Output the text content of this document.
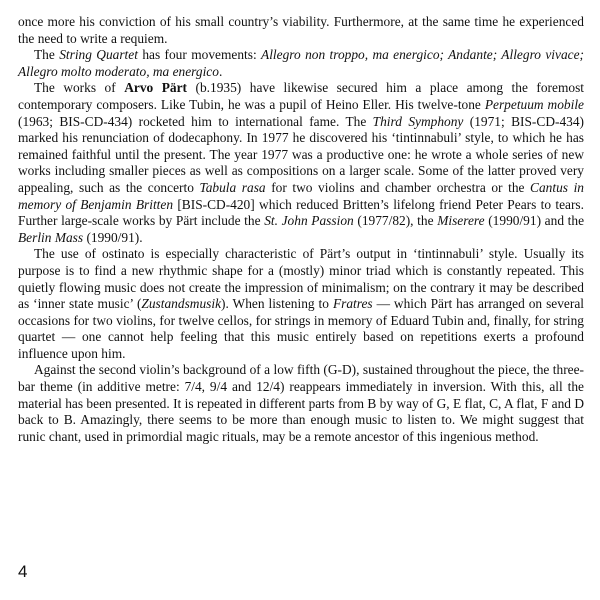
once more his conviction of his small country’s viability. Furthermore, at the same time he experienced the need to write a requiem.

The String Quartet has four movements: Allegro non troppo, ma energico; Andante; Allegro vivace; Allegro molto moderato, ma energico.

The works of Arvo Pärt (b.1935) have likewise secured him a place among the foremost contemporary composers. Like Tubin, he was a pupil of Heino Eller. His twelve-tone Perpetuum mobile (1963; BIS-CD-434) rocketed him to international fame. The Third Symphony (1971; BIS-CD-434) marked his renunciation of dodecaphony. In 1977 he discovered his ‘tintinnabuli’ style, to which he has remained faithful until the present. The year 1977 was a productive one: he wrote a whole series of new works including smaller pieces as well as compositions on a larger scale. Some of the latter proved very appealing, such as the concerto Tabula rasa for two violins and chamber orchestra or the Cantus in memory of Benjamin Britten [BIS-CD-420] which reduced Britten’s lifelong friend Peter Pears to tears. Further large-scale works by Pärt include the St. John Passion (1977/82), the Miserere (1990/91) and the Berlin Mass (1990/91).

The use of ostinato is especially characteristic of Pärt’s output in ‘tintinnabuli’ style. Usually its purpose is to find a new rhythmic shape for a (mostly) minor triad which is constantly repeated. This quietly flowing music does not create the impression of minimalism; on the contrary it may be described as ‘inner state music’ (Zustandsmusik). When listening to Fratres — which Pärt has arranged on several occasions for two violins, for twelve cellos, for strings in memory of Eduard Tubin and, finally, for string quartet — one cannot help feeling that this music entirely based on repetitions exerts a profound influence upon him.

Against the second violin’s background of a low fifth (G-D), sustained throughout the piece, the three-bar theme (in additive metre: 7/4, 9/4 and 12/4) reappears immediately in inversion. With this, all the material has been presented. It is repeated in different parts from B by way of G, E flat, C, A flat, F and D back to B. Amazingly, there seems to be more than enough music to listen to. We might suggest that runic chant, used in primordial magic rituals, may be a remote ancestor of this ingenious method.

4
